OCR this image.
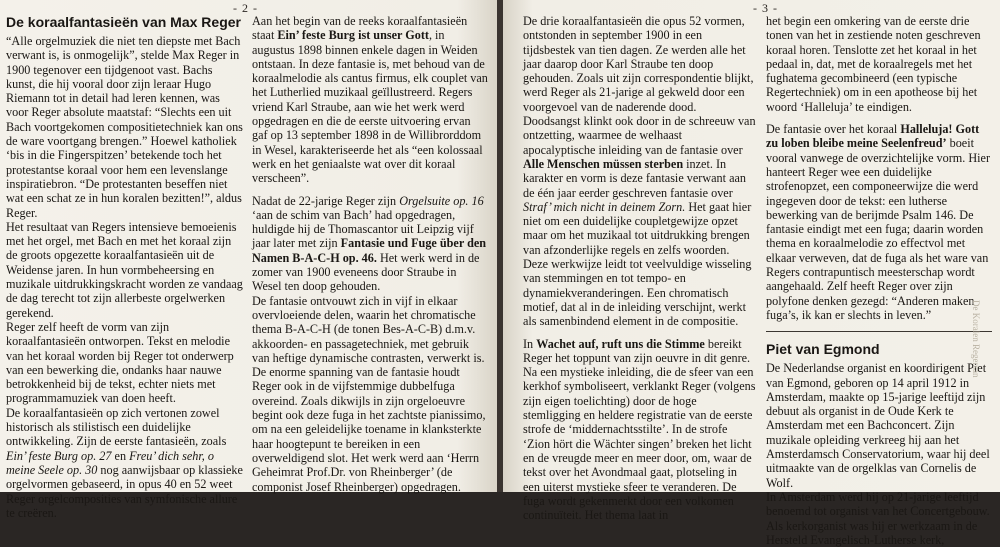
- 2 -
De koraalfantasieën van Max Reger

“Alle orgelmuziek die niet ten diepste met Bach verwant is, is onmogelijk”, stelde Max Reger in 1900 tegenover een tijdgenoot vast. Bachs kunst, die hij vooral door zijn leraar Hugo Riemann tot in detail had leren kennen, was voor Reger absolute maatstaf: “Slechts een uit Bach voortgekomen compositietechniek kan ons de ware voortgang brengen.” Hoewel katholiek ‘bis in die Fingerspitzen’ betekende toch het protestantse koraal voor hem een levenslange inspiratiebron. “De protestanten beseffen niet wat een schat ze in hun koralen bezitten!”, aldus Reger.

Het resultaat van Regers intensieve bemoeienis met het orgel, met Bach en met het koraal zijn de groots opgezette koraalfantasieën uit de Weidense jaren. In hun vormbeheersing en muzikale uitdrukkingskracht worden ze vandaag de dag terecht tot zijn allerbeste orgelwerken gerekend.

Reger zelf heeft de vorm van zijn koraalfantasieën ontworpen. Tekst en melodie van het koraal worden bij Reger tot onderwerp van een bewerking die, ondanks haar nauwe betrokkenheid bij de tekst, echter niets met programmamuziek van doen heeft.

De koraalfantasieën op zich vertonen zowel historisch als stilistisch een duidelijke ontwikkeling. Zijn de eerste fantasieën, zoals Ein’ feste Burg op. 27 en Freu’ dich sehr, o meine Seele op. 30 nog aanwijsbaar op klassieke orgelvormen gebaseerd, in opus 40 en 52 weet Reger orgelcomposities van symfonische allure te creëren.

Aan het begin van de reeks koraalfantasieën staat Ein’ feste Burg ist unser Gott, in augustus 1898 binnen enkele dagen in Weiden ontstaan. In deze fantasie is, met behoud van de koraalmelodie als cantus firmus, elk couplet van het Lutherlied muzikaal geïllustreerd. Regers vriend Karl Straube, aan wie het werk werd opgedragen en die de eerste uitvoering ervan gaf op 13 september 1898 in de Willibrorddom in Wesel, karakteriseerde het als “een kolossaal werk en het geniaalste wat over dit koraal verscheen”.

Nadat de 22-jarige Reger zijn Orgelsuite op. 16 ‘aan de schim van Bach’ had opgedragen, huldigde hij de Thomascantor uit Leipzig vijf jaar later met zijn Fantasie und Fuge über den Namen B-A-C-H op. 46. Het werk werd in de zomer van 1900 eveneens door Straube in Wesel ten doop gehouden.

De fantasie ontvouwt zich in vijf in elkaar overvloeiende delen, waarin het chromatische thema B-A-C-H (de tonen Bes-A-C-B) d.m.v. akkoorden- en passagetechniek, met gebruik van heftige dynamische contrasten, verwerkt is.

De enorme spanning van de fantasie houdt Reger ook in de vijfstemmige dubbelfuga overeind. Zoals dikwijls in zijn orgeloeuvre begint ook deze fuga in het zachtste pianissimo, om na een geleidelijke toename in klanksterkte haar hoogtepunt te bereiken in een overweldigend slot. Het werk werd aan ‘Herrn Geheimrat Prof.Dr. von Rheinberger’ (de componist Josef Rheinberger) opgedragen.

- 3 -

De drie koraalfantasieën die opus 52 vormen, ontstonden in september 1900 in een tijdsbestek van tien dagen. Ze werden alle het jaar daarop door Karl Straube ten doop gehouden. Zoals uit zijn correspondentie blijkt, werd Reger als 21-jarige al gekweld door een voorgevoel van de naderende dood. Doodsangst klinkt ook door in de schreeuw van ontzetting, waarmee de welhaast apocalyptische inleiding van de fantasie over Alle Menschen müssen sterben inzet. In karakter en vorm is deze fantasie verwant aan de één jaar eerder geschreven fantasie over Straf’ mich nicht in deinem Zorn. Het gaat hier niet om een duidelijke coupletgewijze opzet maar om het muzikaal tot uitdrukking brengen van afzonderlijke regels en zelfs woorden. Deze werkwijze leidt tot veelvuldige wisseling van stemmingen en tot tempo- en dynamiekveranderingen. Een chromatisch motief, dat al in de inleiding verschijnt, werkt als samenbindend element in de compositie.

In Wachet auf, ruft uns die Stimme bereikt Reger het toppunt van zijn oeuvre in dit genre. Na een mystieke inleiding, die de sfeer van een kerkhof symboliseert, verklankt Reger (volgens zijn eigen toelichting) door de hoge stemligging en heldere registratie van de eerste strofe de ‘middernachtsstilte’. In de strofe ‘Zion hört die Wächter singen’ breken het licht en de vreugde meer en meer door, om, waar de tekst over het Avondmaal gaat, plotseling in een uiterst mystieke sfeer te veranderen. De fuga wordt gekenmerkt door een volkomen continuïteit. Het thema laat in

het begin een omkering van de eerste drie tonen van het in zestiende noten geschreven koraal horen. Tenslotte zet het koraal in het pedaal in, dat, met de koraalregels met het fughatema gecombineerd (een typische Regertechniek) om in een apotheose bij het woord ‘Halleluja’ te eindigen.

De fantasie over het koraal Halleluja! Gott zu loben bleibe meine Seelenfreud’ boeit vooral vanwege de overzichtelijke vorm. Hier hanteert Reger wee een duidelijke strofenopzet, een componeerwijze die werd ingegeven door de tekst: een lutherse bewerking van de berijmde Psalm 146. De fantasie eindigt met een fuga; daarin worden thema en koraalmelodie zo effectvol met elkaar verweven, dat de fuga als het ware van Regers contrapuntisch meesterschap wordt aangehaald. Zelf heeft Reger over zijn polyfone denken gezegd: “Anderen maken fuga’s, ik kan er slechts in leven.”

Piet van Egmond

De Nederlandse organist en koordirigent Piet van Egmond, geboren op 14 april 1912 in Amsterdam, maakte op 15-jarige leeftijd zijn debuut als organist in de Oude Kerk te Amsterdam met een Bachconcert. Zijn muzikale opleiding verkreeg hij aan het Amsterdamsch Conservatorium, waar hij deel uitmaakte van de orgelklas van Cornelis de Wolf.

In Amsterdam werd hij op 21-jarige leeftijd benoemd tot organist van het Concertgebouw. Als kerkorganist was hij er werkzaam in de Hersteld Evangelisch-Lutherse kerk,

De Koralen Regersan
